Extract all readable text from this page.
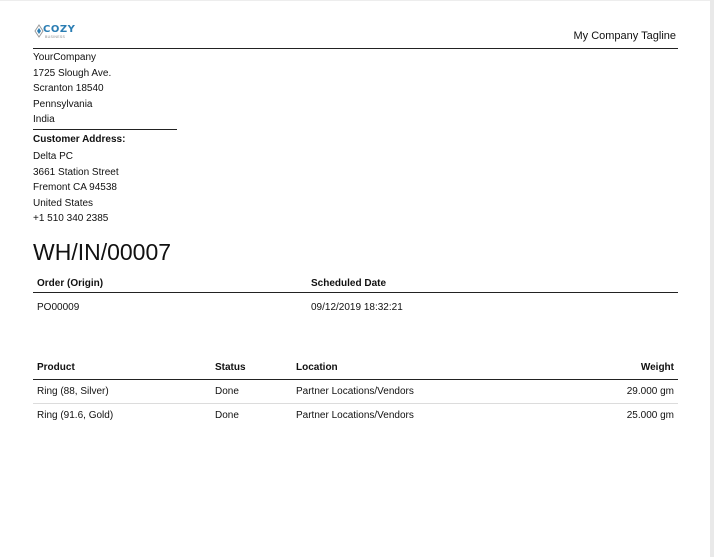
COZY
BUSINESS	My Company Tagline
YourCompany
1725 Slough Ave.
Scranton 18540
Pennsylvania
India
Customer Address:
Delta PC
3661 Station Street
Fremont CA 94538
United States
+1 510 340 2385
WH/IN/00007
Order (Origin)	Scheduled Date
PO00009	09/12/2019 18:32:21
Product	Status	Location	Weight
Ring (88, Silver)	Done	Partner Locations/Vendors	29.000 gm
Ring (91.6, Gold)	Done	Partner Locations/Vendors	25.000 gm
